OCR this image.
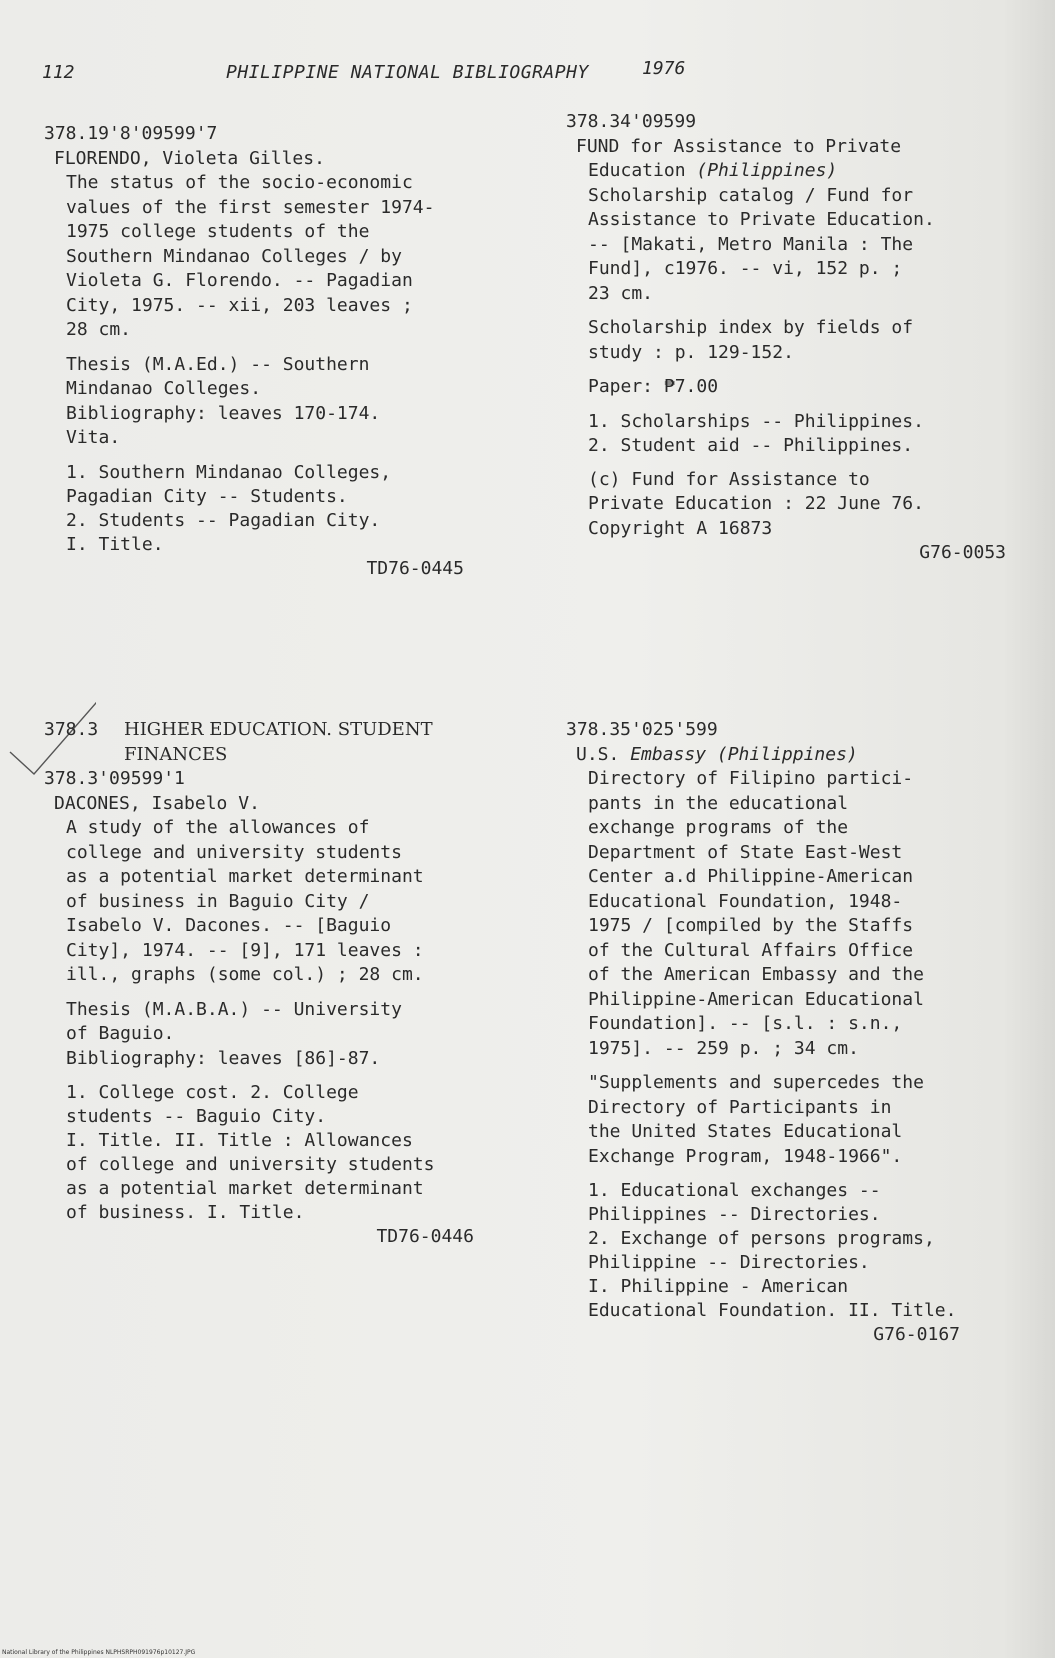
112	PHILIPPINE NATIONAL BIBLIOGRAPHY	1976

378.19'8'09599'7

FLORENDO, Violeta Gilles.

The status of the socio-economic

values of the first semester 1974-

1975 college students of the

Southern Mindanao Colleges / by

Violeta G. Florendo. -- Pagadian

City, 1975. -- xii, 203 leaves ;

28 cm.

Thesis (M.A.Ed.) -- Southern

Mindanao Colleges.

Bibliography: leaves 170-174.

Vita.

1. Southern Mindanao Colleges,

Pagadian City -- Students.

2. Students -- Pagadian City.

I. Title.

TD76-0445

378.34'09599

FUND for Assistance to Private

Education (Philippines)

Scholarship catalog / Fund for

Assistance to Private Education.

-- [Makati, Metro Manila : The

Fund], c1976. -- vi, 152 p. ;

23 cm.

Scholarship index by fields of

study : p. 129-152.

Paper: ₱7.00

1. Scholarships -- Philippines.

2. Student aid -- Philippines.

(c) Fund for Assistance to

Private Education : 22 June 76.

Copyright A 16873

G76-0053

378.3	HIGHER EDUCATION. STUDENT

FINANCES

378.3'09599'1

DACONES, Isabelo V.

A study of the allowances of

college and university students

as a potential market determinant

of business in Baguio City /

Isabelo V. Dacones. -- [Baguio

City], 1974. -- [9], 171 leaves :

ill., graphs (some col.) ; 28 cm.

Thesis (M.A.B.A.) -- University

of Baguio.

Bibliography: leaves [86]-87.

1. College cost. 2. College

students -- Baguio City.

I. Title. II. Title : Allowances

of college and university students

as a potential market determinant

of business. I. Title.

TD76-0446

378.35'025'599

U.S. Embassy (Philippines)

Directory of Filipino partici-

pants in the educational

exchange programs of the

Department of State East-West

Center a.d Philippine-American

Educational Foundation, 1948-

1975 / [compiled by the Staffs

of the Cultural Affairs Office

of the American Embassy and the

Philippine-American Educational

Foundation]. -- [s.l. : s.n.,

1975]. -- 259 p. ; 34 cm.

"Supplements and supercedes the

Directory of Participants in

the United States Educational

Exchange Program, 1948-1966".

1. Educational exchanges --

Philippines -- Directories.

2. Exchange of persons programs,

Philippine -- Directories.

I. Philippine - American

Educational Foundation. II. Title.

G76-0167

National Library of the Philippines NLPHSRPH091976p10127.JPG
